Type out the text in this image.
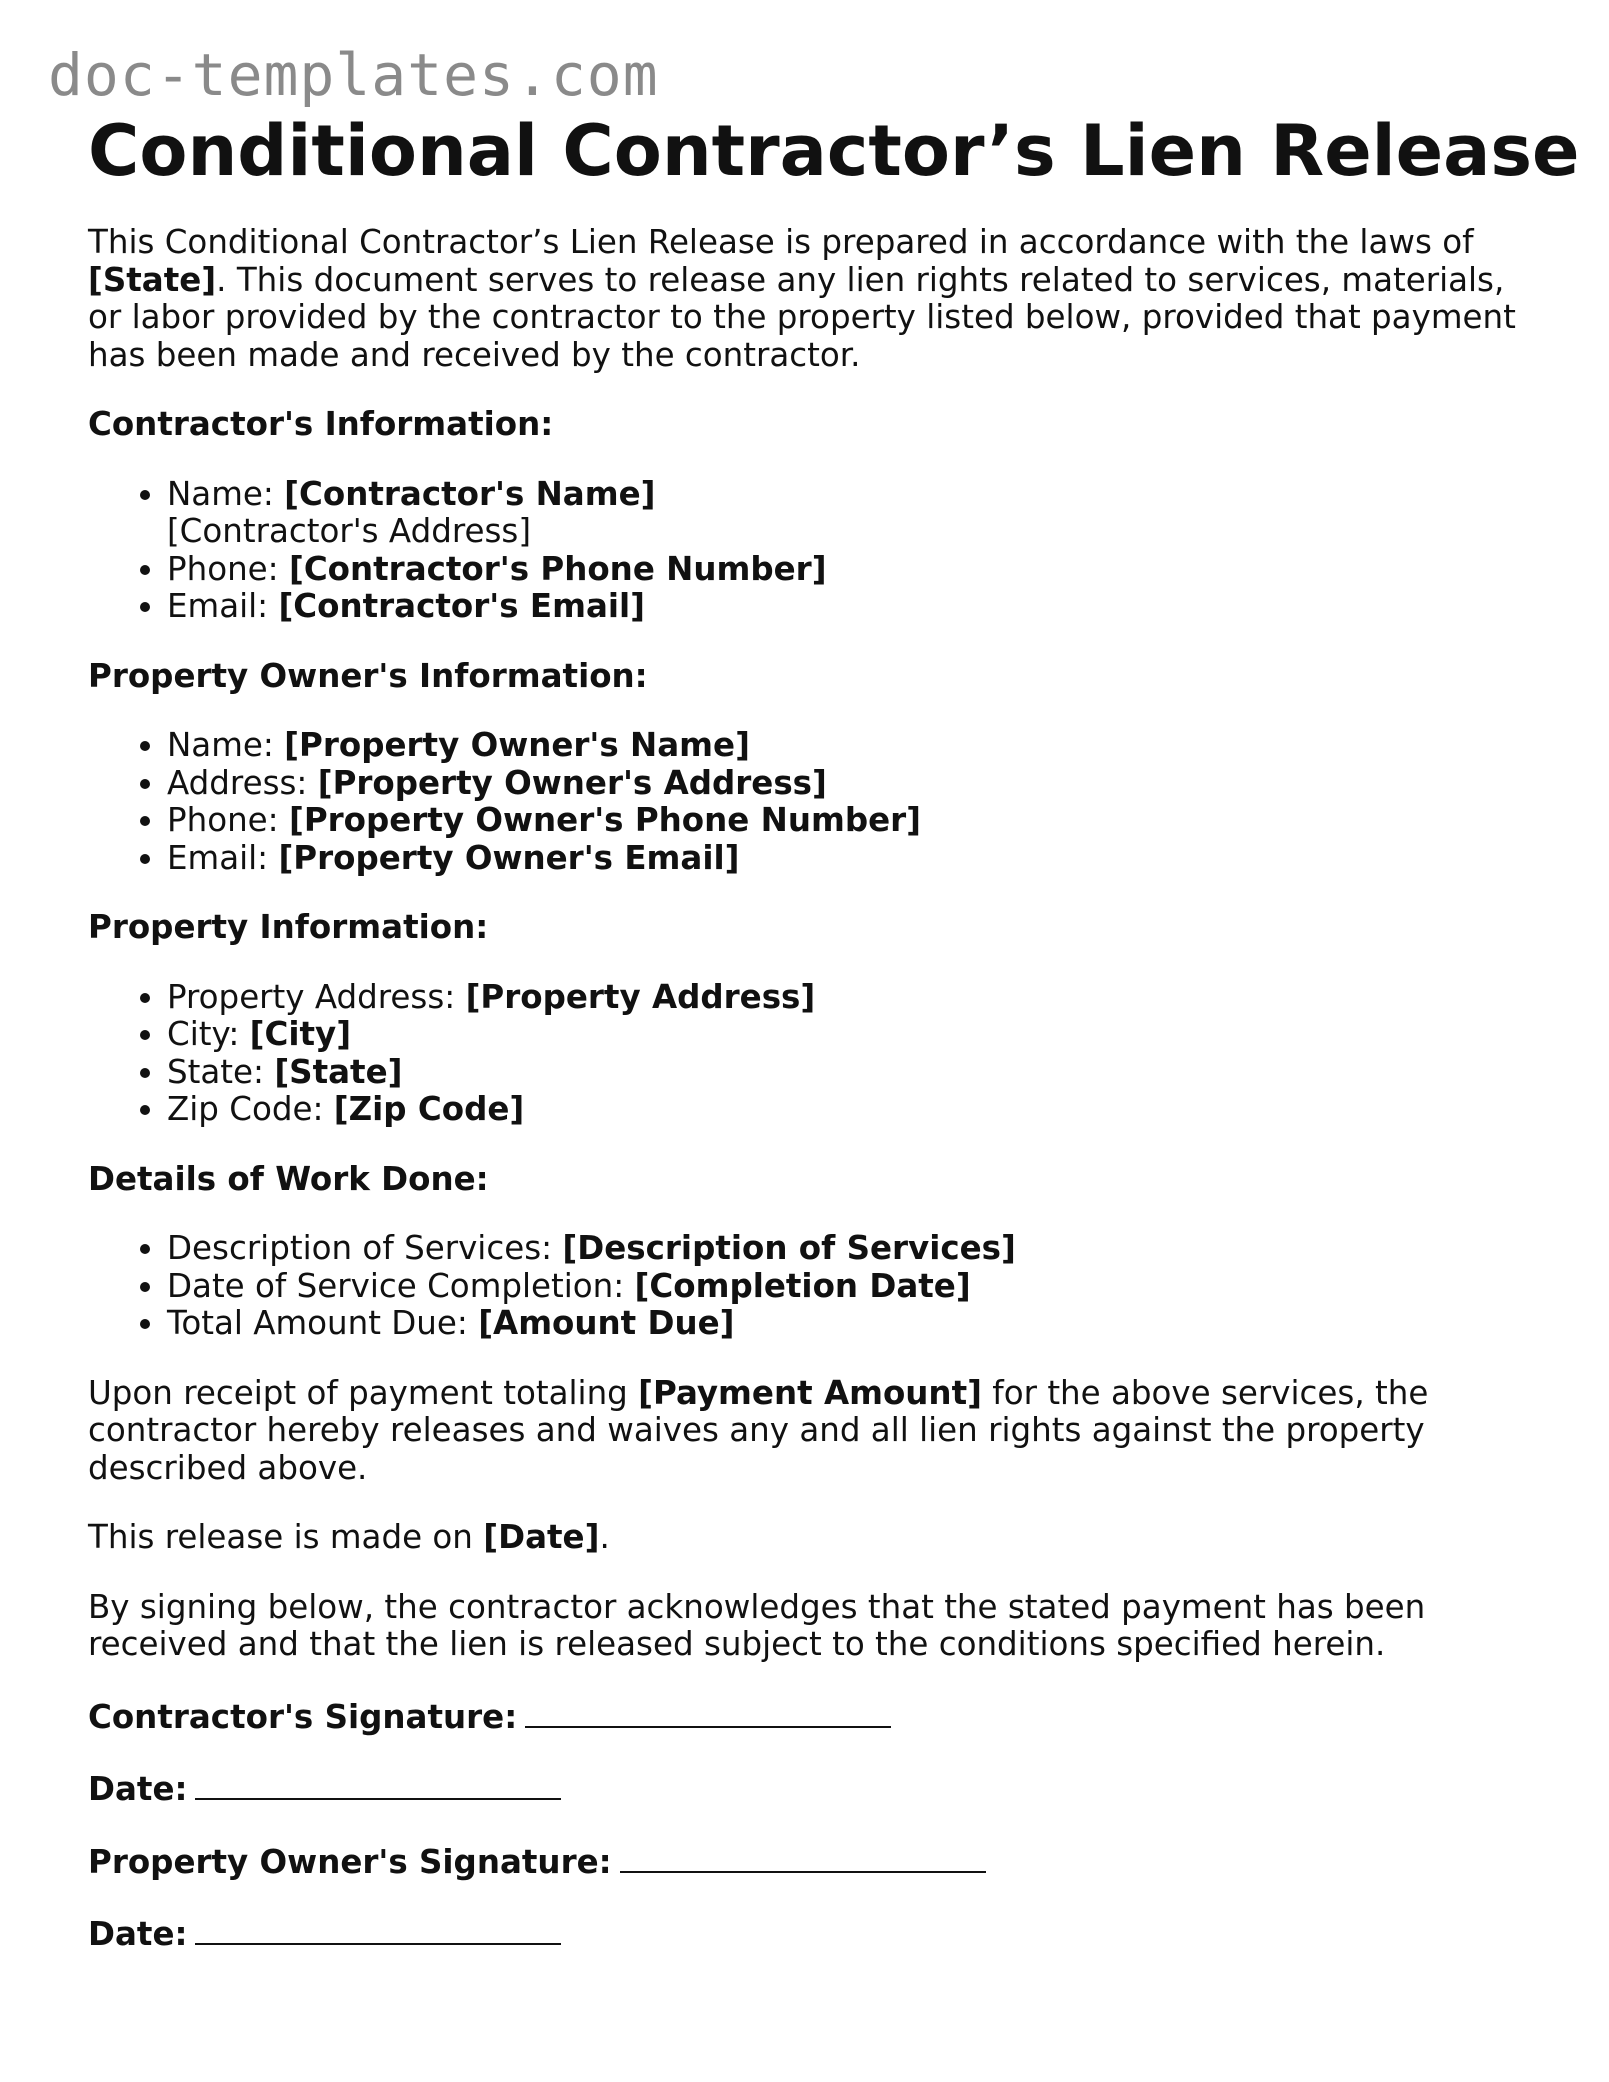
doc-templates.com
Conditional Contractor’s Lien Release

This Conditional Contractor’s Lien Release is prepared in accordance with the laws of [State]. This document serves to release any lien rights related to services, materials, or labor provided by the contractor to the property listed below, provided that payment has been made and received by the contractor.

Contractor's Information:

• Name: [Contractor's Name]
[Contractor's Address]
• Phone: [Contractor's Phone Number]
• Email: [Contractor's Email]

Property Owner's Information:

• Name: [Property Owner's Name]
• Address: [Property Owner's Address]
• Phone: [Property Owner's Phone Number]
• Email: [Property Owner's Email]

Property Information:

• Property Address: [Property Address]
• City: [City]
• State: [State]
• Zip Code: [Zip Code]

Details of Work Done:

• Description of Services: [Description of Services]
• Date of Service Completion: [Completion Date]
• Total Amount Due: [Amount Due]

Upon receipt of payment totaling [Payment Amount] for the above services, the contractor hereby releases and waives any and all lien rights against the property described above.

This release is made on [Date].

By signing below, the contractor acknowledges that the stated payment has been received and that the lien is released subject to the conditions specified herein.

Contractor's Signature:

Date:

Property Owner's Signature:

Date:
